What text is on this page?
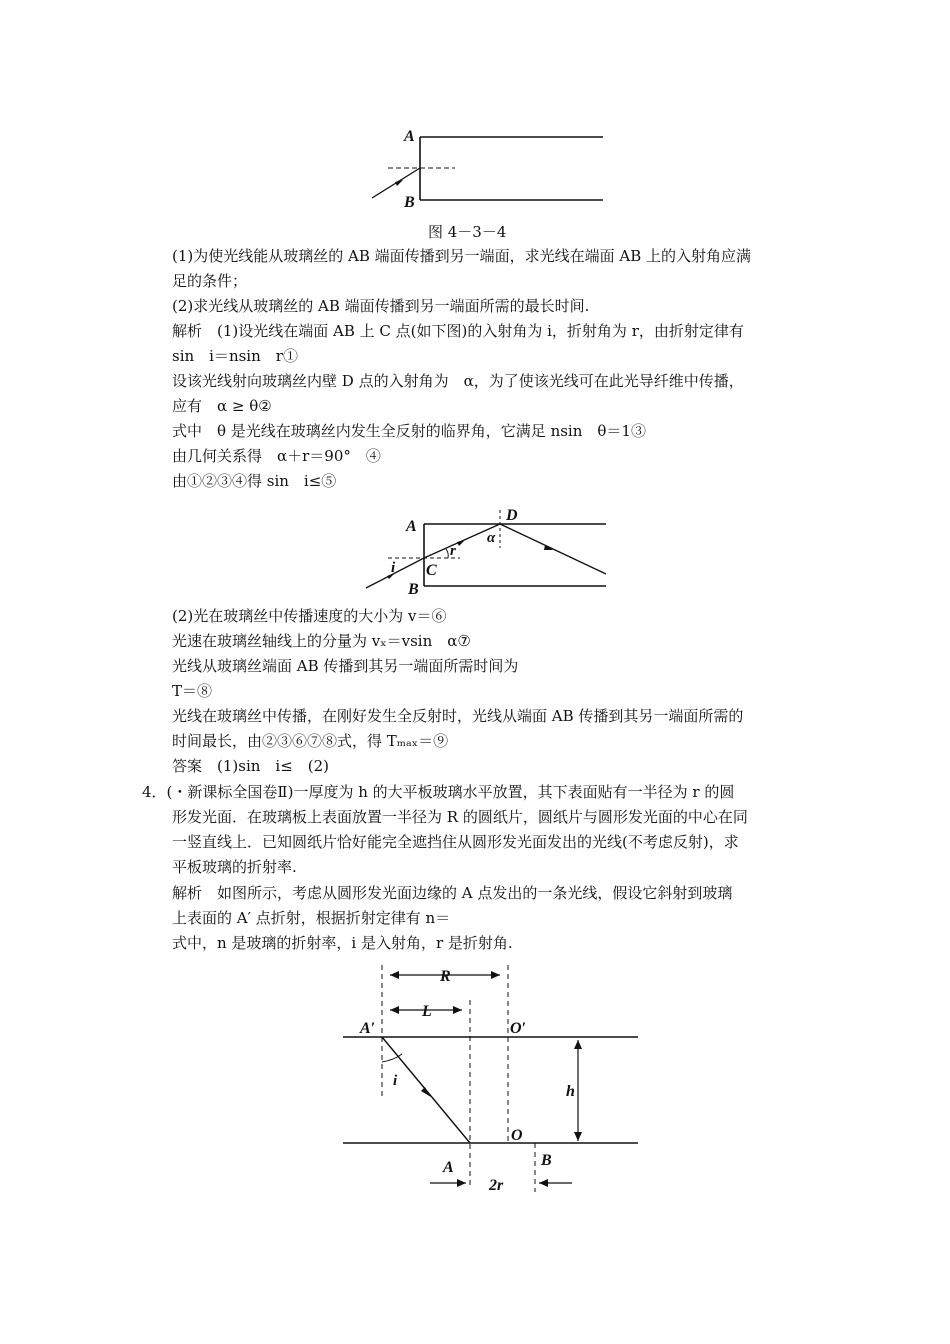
A
B
图 4－3－4
(1)为使光线能从玻璃丝的 AB 端面传播到另一端面，求光线在端面 AB 上的入射角应满
足的条件；
(2)求光线从玻璃丝的 AB 端面传播到另一端面所需的最长时间.
解析　(1)设光线在端面 AB 上 C 点(如下图)的入射角为 i，折射角为 r，由折射定律有
sin　i＝nsin　r①
设该光线射向玻璃丝内壁 D 点的入射角为　α，为了使该光线可在此光导纤维中传播，
应有　α ≥ θ②
式中　θ 是光线在玻璃丝内发生全反射的临界角，它满足 nsin　θ＝1③
由几何关系得　α＋r＝90°　④
由①②③④得 sin　i≤⑤
A
D
α
r
i C
B
(2)光在玻璃丝中传播速度的大小为 v＝⑥
光速在玻璃丝轴线上的分量为 vₓ＝vsin　α⑦
光线从玻璃丝端面 AB 传播到其另一端面所需时间为
T＝⑧
光线在玻璃丝中传播，在刚好发生全反射时，光线从端面 AB 传播到其另一端面所需的
时间最长，由②③⑥⑦⑧式，得 Tₘₐₓ＝⑨
答案　(1)sin　i≤　(2)
4．(・新课标全国卷Ⅱ)一厚度为 h 的大平板玻璃水平放置，其下表面贴有一半径为 r 的圆
形发光面．在玻璃板上表面放置一半径为 R 的圆纸片，圆纸片与圆形发光面的中心在同
一竖直线上．已知圆纸片恰好能完全遮挡住从圆形发光面发出的光线(不考虑反射)，求
平板玻璃的折射率.
解析　如图所示，考虑从圆形发光面边缘的 A 点发出的一条光线，假设它斜射到玻璃
上表面的 A′ 点折射，根据折射定律有 n＝
式中，n 是玻璃的折射率，i 是入射角，r 是折射角.
R
L
A′	O′
h
i
O
A	B
2r
